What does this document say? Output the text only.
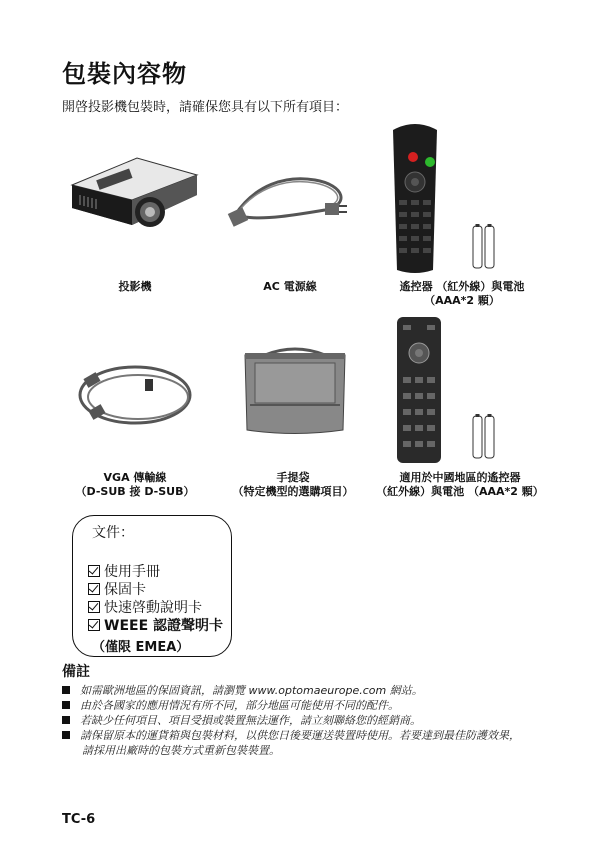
包裝內容物
開啓投影機包裝時，請確保您具有以下所有項目：
投影機	AC 電源線	遙控器 （紅外線）與電池
（AAA*2 顆）
VGA 傳輸線
（D-SUB 接 D-SUB）
手提袋
（特定機型的選購項目）
適用於中國地區的遙控器
（紅外線）與電池 （AAA*2 顆）
文件：
使用手冊
保固卡
快速啓動說明卡
WEEE 認證聲明卡
（僅限 EMEA）
備註
如需歐洲地區的保固資訊，請瀏覽 www.optomaeurope.com 網站。
由於各國家的應用情況有所不同，部分地區可能使用不同的配件。
若缺少任何項目、項目受損或裝置無法運作，請立刻聯絡您的經銷商。
請保留原本的運貨箱與包裝材料，以供您日後要運送裝置時使用。若要達到最佳防護效果，
請採用出廠時的包裝方式重新包裝裝置。
TC-6
